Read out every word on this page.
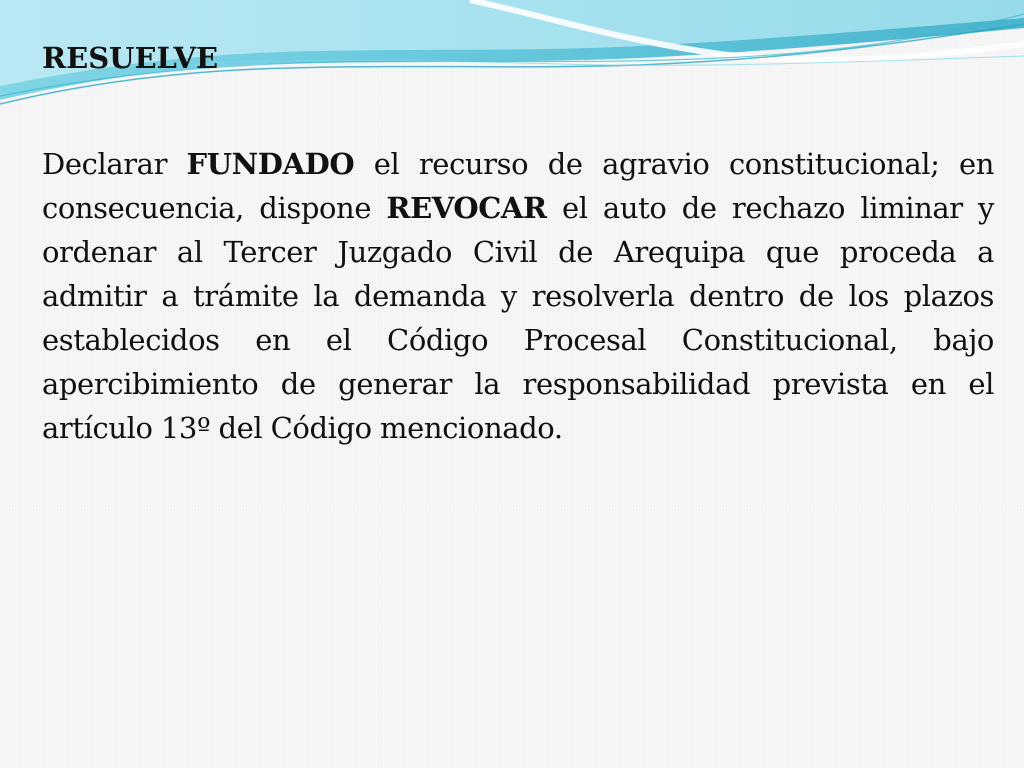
RESUELVE

Declarar FUNDADO el recurso de agravio constitucional; en consecuencia, dispone REVOCAR el auto de rechazo liminar y ordenar al Tercer Juzgado Civil de Arequipa que proceda a admitir a trámite la demanda y resolverla dentro de los plazos establecidos en el Código Procesal Constitucional, bajo apercibimiento de generar la responsabilidad prevista en el artículo 13º del Código mencionado.
